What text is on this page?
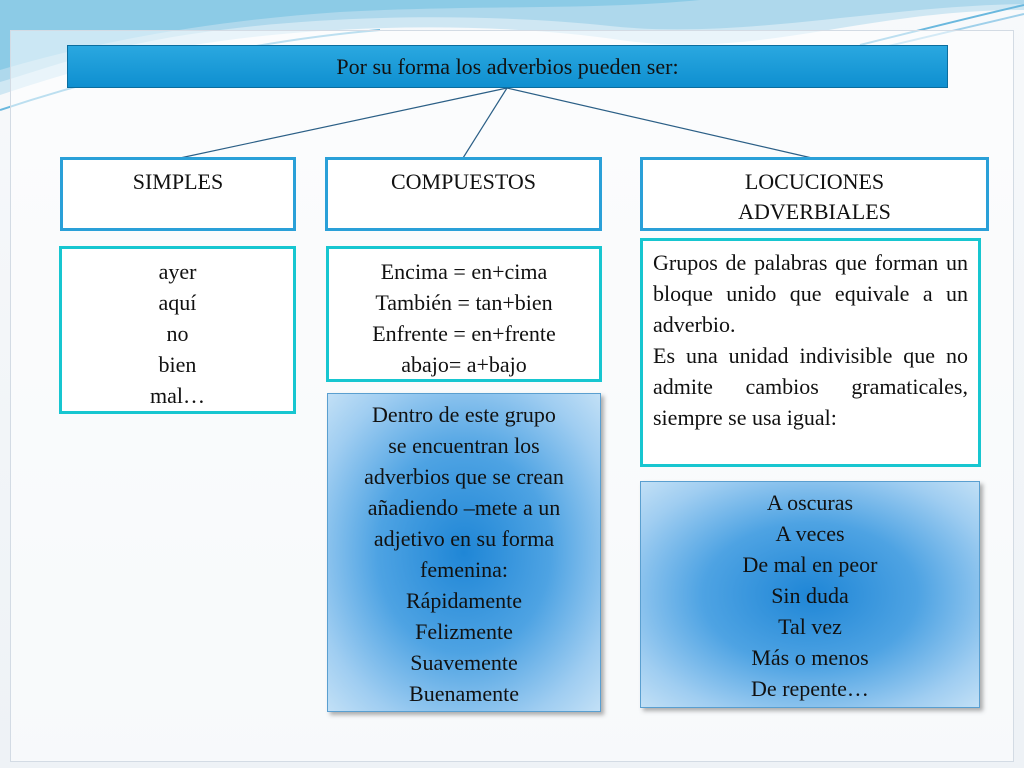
Por su forma los adverbios pueden ser:
SIMPLES	COMPUESTOS	LOCUCIONES
ADVERBIALES
ayer
aquí
no
bien
mal…
Encima = en+cima
También = tan+bien
Enfrente = en+frente
abajo= a+bajo
Dentro de este grupo
se encuentran los
adverbios que se crean
añadiendo –mete a un
adjetivo en su forma
femenina:
Rápidamente
Felizmente
Suavemente
Buenamente

Grupos de palabras que forman un bloque unido que equivale a un adverbio.

Es una unidad indivisible que no admite cambios gramaticales, siempre se usa igual:

A oscuras
A veces
De mal en peor
Sin duda
Tal vez
Más o menos
De repente…
